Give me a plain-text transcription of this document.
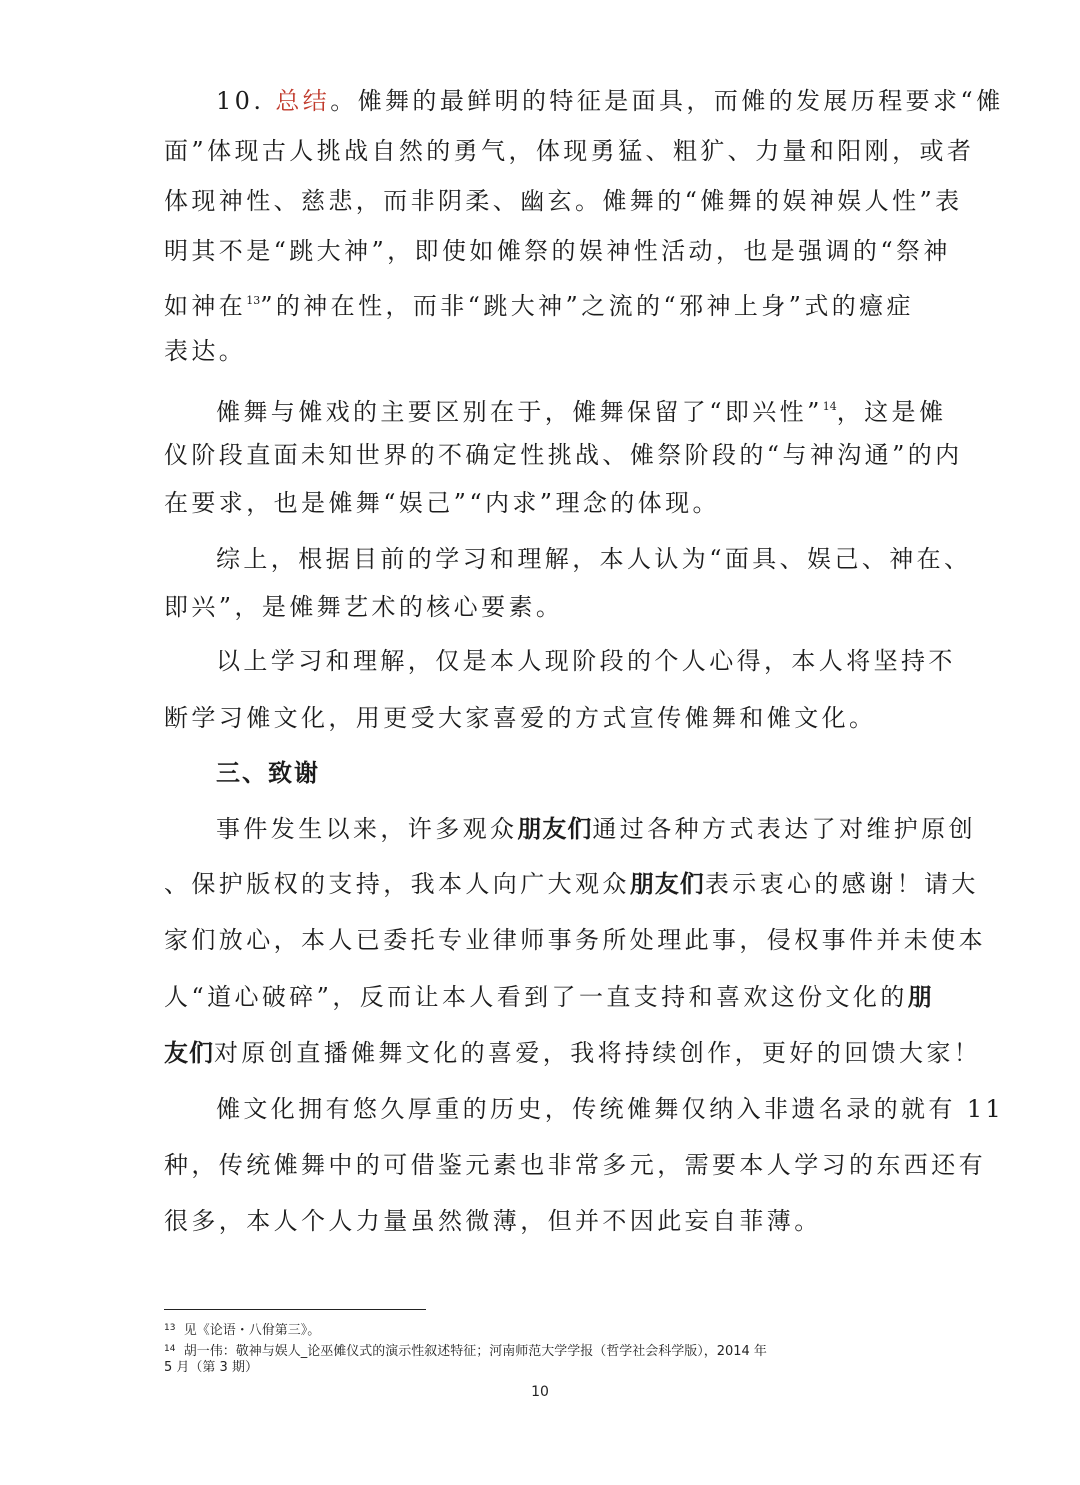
10. 总结。傩舞的最鲜明的特征是面具，而傩的发展历程要求“傩
面”体现古人挑战自然的勇气，体现勇猛、粗犷、力量和阳刚，或者
体现神性、慈悲，而非阴柔、幽玄。傩舞的“傩舞的娱神娱人性”表
明其不是“跳大神”，即使如傩祭的娱神性活动，也是强调的“祭神
如神在$^{13}$”的神在性，而非“跳大神”之流的“邪神上身”式的癔症
表达。
傩舞与傩戏的主要区别在于，傩舞保留了“即兴性”$^{14}$，这是傩
仪阶段直面未知世界的不确定性挑战、傩祭阶段的“与神沟通”的内
在要求，也是傩舞“娱己”“内求”理念的体现。
综上，根据目前的学习和理解，本人认为“面具、娱己、神在、
即兴”，是傩舞艺术的核心要素。
以上学习和理解，仅是本人现阶段的个人心得，本人将坚持不
断学习傩文化，用更受大家喜爱的方式宣传傩舞和傩文化。
三、致谢
事件发生以来，许多观众朋友们通过各种方式表达了对维护原创
、保护版权的支持，我本人向广大观众朋友们表示衷心的感谢！请大
家们放心，本人已委托专业律师事务所处理此事，侵权事件并未使本
人“道心破碎”，反而让本人看到了一直支持和喜欢这份文化的朋
友们对原创直播傩舞文化的喜爱，我将持续创作，更好的回馈大家！
傩文化拥有悠久厚重的历史，传统傩舞仅纳入非遗名录的就有 11
种，传统傩舞中的可借鉴元素也非常多元，需要本人学习的东西还有
很多，本人个人力量虽然微薄，但并不因此妄自菲薄。
$^{13}$ 见《论语・八佾第三》。
$^{14}$ 胡一伟：敬神与娱人_论巫傩仪式的演示性叙述特征；河南师范大学学报（哲学社会科学版），2014 年
5 月（第 3 期）
10
